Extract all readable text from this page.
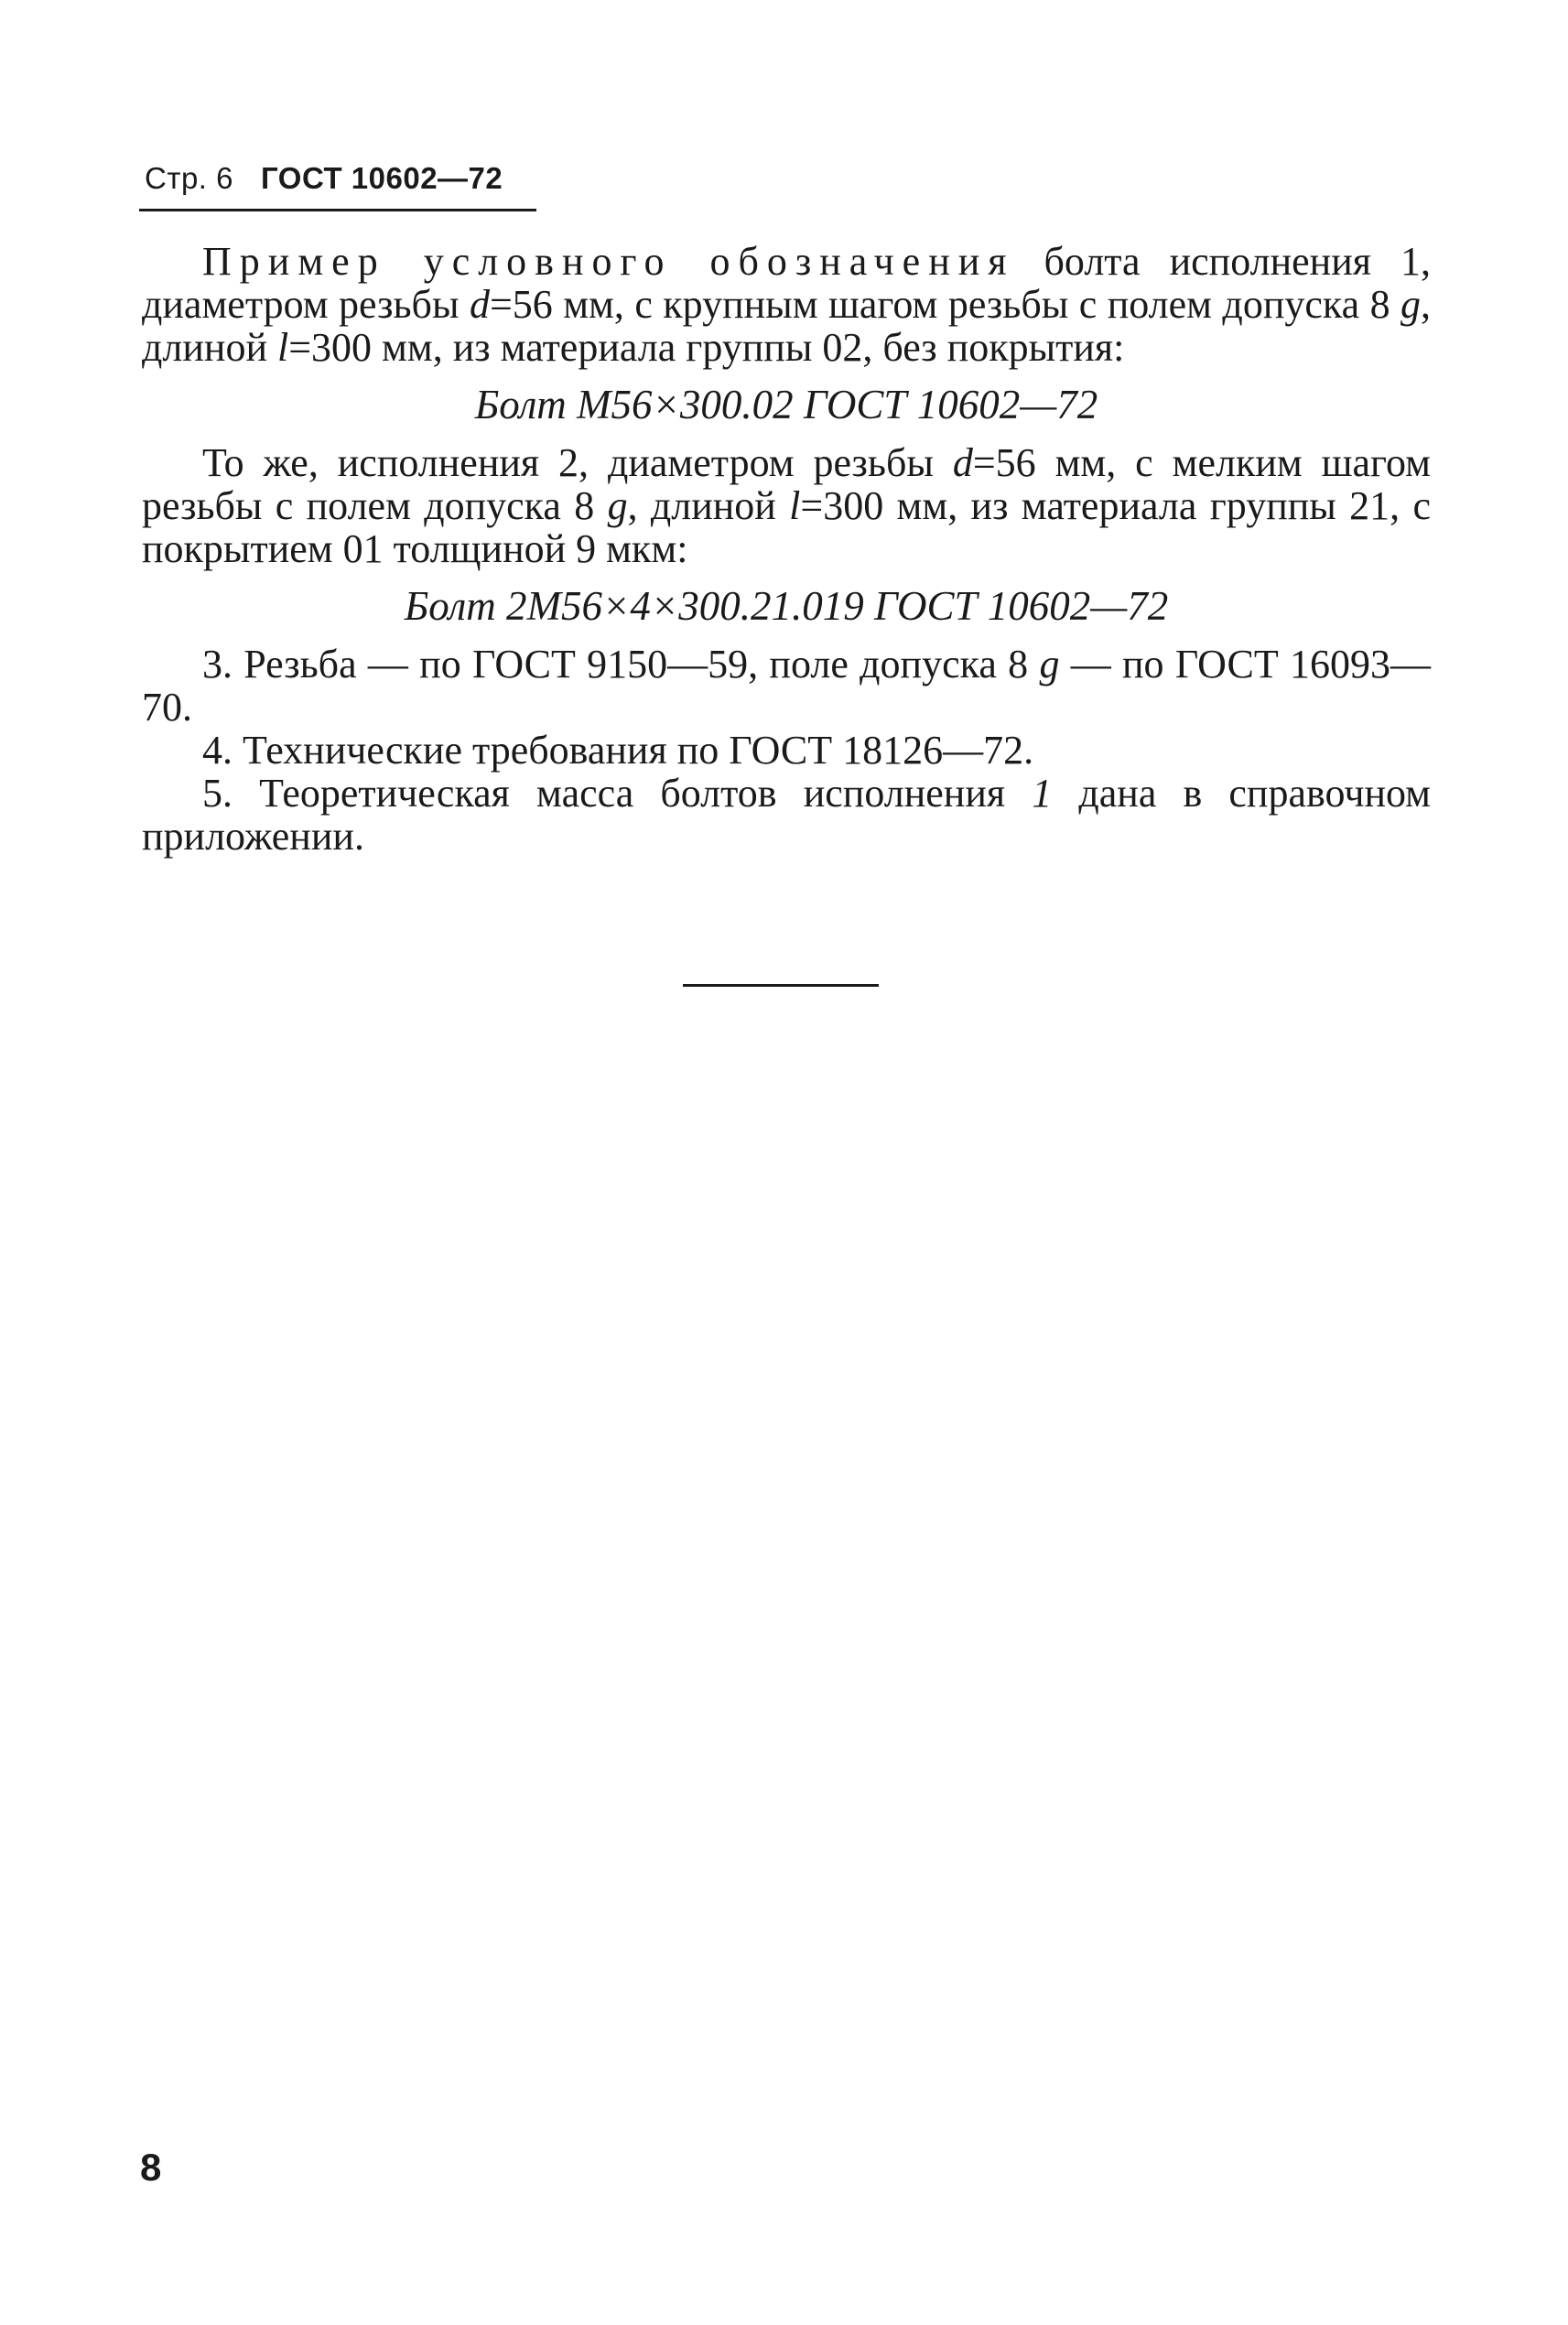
Стр. 6 ГОСТ 10602—72

Пример условного обозначения болта исполнения 1, диаметром резьбы d=56 мм, с крупным шагом резьбы с полем допуска 8 g, длиной l=300 мм, из материала группы 02, без покрытия:

Болт М56×300.02 ГОСТ 10602—72

То же, исполнения 2, диаметром резьбы d=56 мм, с мелким шагом резьбы с полем допуска 8 g, длиной l=300 мм, из материала группы 21, с покрытием 01 толщиной 9 мкм:

Болт 2М56×4×300.21.019 ГОСТ 10602—72

3. Резьба — по ГОСТ 9150—59, поле допуска 8 g — по ГОСТ 16093—70.

4. Технические требования по ГОСТ 18126—72.

5. Теоретическая масса болтов исполнения 1 дана в справочном приложении.

8
